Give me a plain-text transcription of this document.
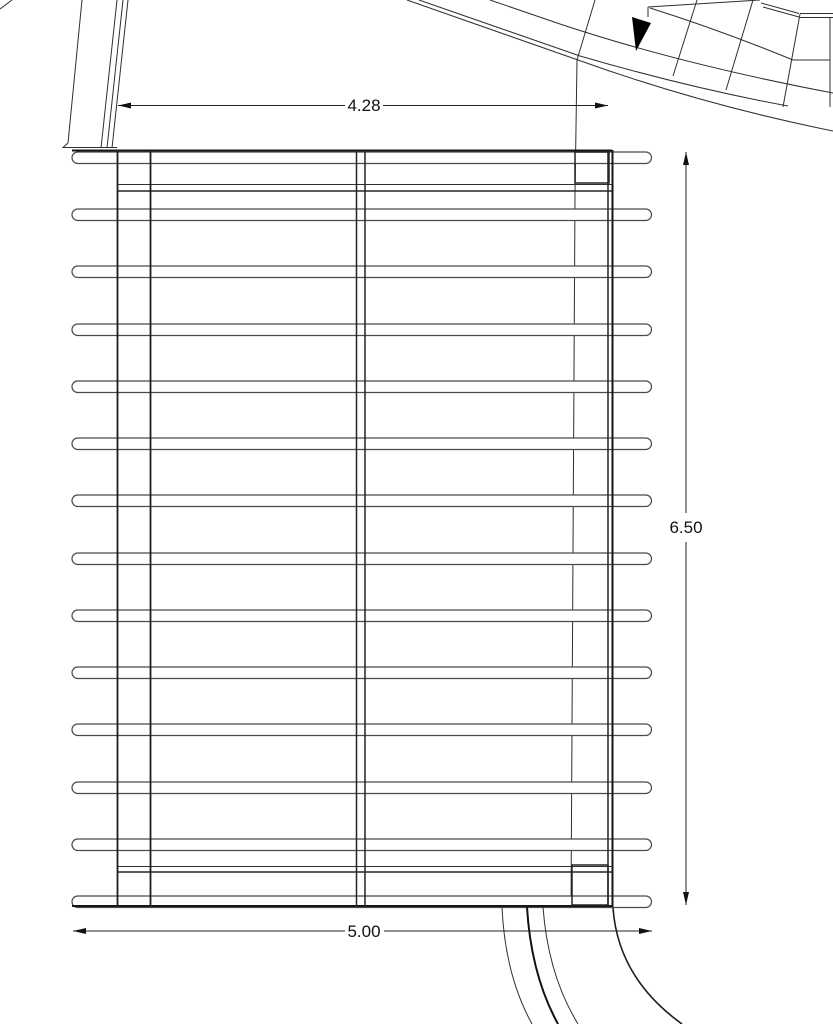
4.28
6.50
5.00
